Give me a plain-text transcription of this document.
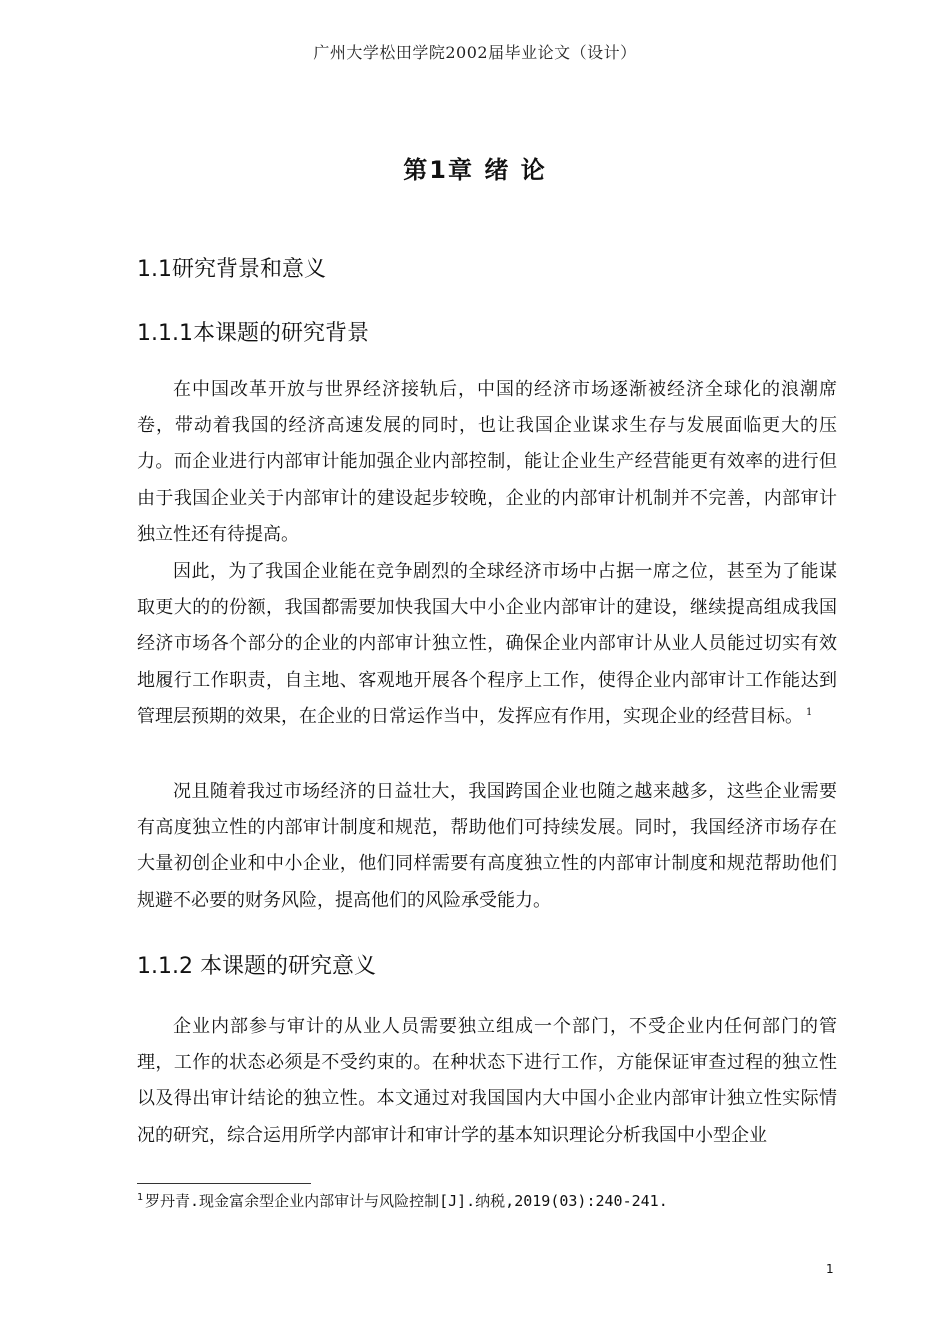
广州大学松田学院2002届毕业论文（设计）
第1章 绪 论
1.1研究背景和意义
1.1.1本课题的研究背景

在中国改革开放与世界经济接轨后，中国的经济市场逐渐被经济全球化的浪潮席卷，带动着我国的经济高速发展的同时，也让我国企业谋求生存与发展面临更大的压力。而企业进行内部审计能加强企业内部控制，能让企业生产经营能更有效率的进行但由于我国企业关于内部审计的建设起步较晚，企业的内部审计机制并不完善，内部审计独立性还有待提高。

因此，为了我国企业能在竞争剧烈的全球经济市场中占据一席之位，甚至为了能谋取更大的的份额，我国都需要加快我国大中小企业内部审计的建设，继续提高组成我国经济市场各个部分的企业的内部审计独立性，确保企业内部审计从业人员能过切实有效地履行工作职责，自主地、客观地开展各个程序上工作，使得企业内部审计工作能达到管理层预期的效果，在企业的日常运作当中，发挥应有作用，实现企业的经营目标。 $^1$

况且随着我过市场经济的日益壮大，我国跨国企业也随之越来越多，这些企业需要有高度独立性的内部审计制度和规范，帮助他们可持续发展。同时，我国经济市场存在大量初创企业和中小企业，他们同样需要有高度独立性的内部审计制度和规范帮助他们规避不必要的财务风险，提高他们的风险承受能力。

1.1.2 本课题的研究意义

企业内部参与审计的从业人员需要独立组成一个部门，不受企业内任何部门的管理，工作的状态必须是不受约束的。在种状态下进行工作，方能保证审查过程的独立性以及得出审计结论的独立性。本文通过对我国国内大中国小企业内部审计独立性实际情况的研究，综合运用所学内部审计和审计学的基本知识理论分析我国中小型企业

$^1$ 罗丹青.现金富余型企业内部审计与风险控制[J].纳税,2019(03):240-241.
1
